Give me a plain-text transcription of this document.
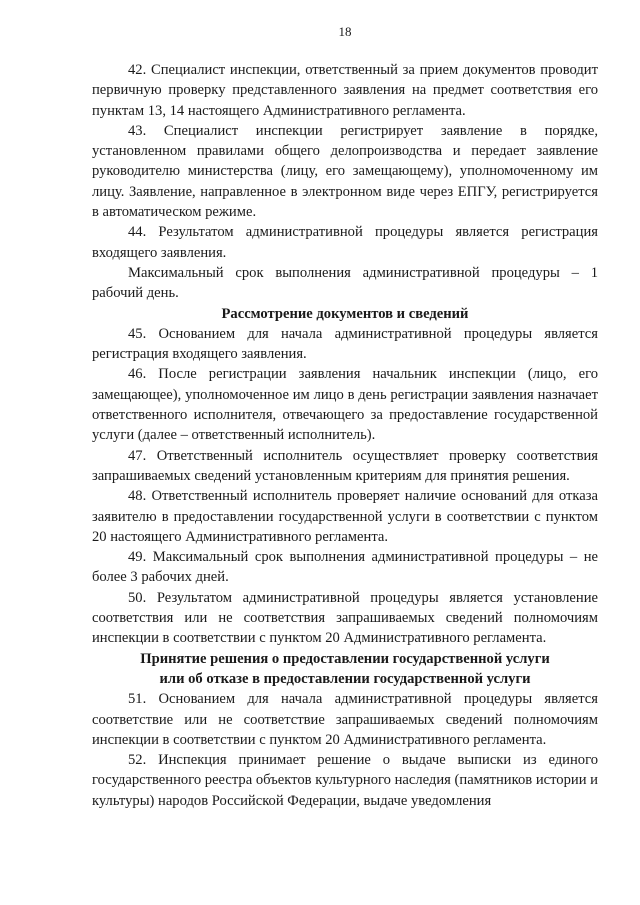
18

42. Специалист инспекции, ответственный за прием документов проводит первичную проверку представленного заявления на предмет соответствия его пунктам 13, 14 настоящего Административного регламента.

43. Специалист инспекции регистрирует заявление в порядке, установленном правилами общего делопроизводства и передает заявление руководителю министерства (лицу, его замещающему), уполномоченному им лицу. Заявление, направленное в электронном виде через ЕПГУ, регистрируется в автоматическом режиме.

44. Результатом административной процедуры является регистрация входящего заявления.

Максимальный срок выполнения административной процедуры – 1 рабочий день.

Рассмотрение документов и сведений

45. Основанием для начала административной процедуры является регистрация входящего заявления.

46. После регистрации заявления начальник инспекции (лицо, его замещающее), уполномоченное им лицо в день регистрации заявления назначает ответственного исполнителя, отвечающего за предоставление государственной услуги (далее – ответственный исполнитель).

47. Ответственный исполнитель осуществляет проверку соответствия запрашиваемых сведений установленным критериям для принятия решения.

48. Ответственный исполнитель проверяет наличие оснований для отказа заявителю в предоставлении государственной услуги в соответствии с пунктом 20 настоящего Административного регламента.

49. Максимальный срок выполнения административной процедуры – не более 3 рабочих дней.

50. Результатом административной процедуры является установление соответствия или не соответствия запрашиваемых сведений полномочиям инспекции в соответствии с пунктом 20 Административного регламента.

Принятие решения о предоставлении государственной услуги
или об отказе в предоставлении государственной услуги

51. Основанием для начала административной процедуры является соответствие или не соответствие запрашиваемых сведений полномочиям инспекции в соответствии с пунктом 20 Административного регламента.

52. Инспекция принимает решение о выдаче выписки из единого государственного реестра объектов культурного наследия (памятников истории и культуры) народов Российской Федерации, выдаче уведомления
